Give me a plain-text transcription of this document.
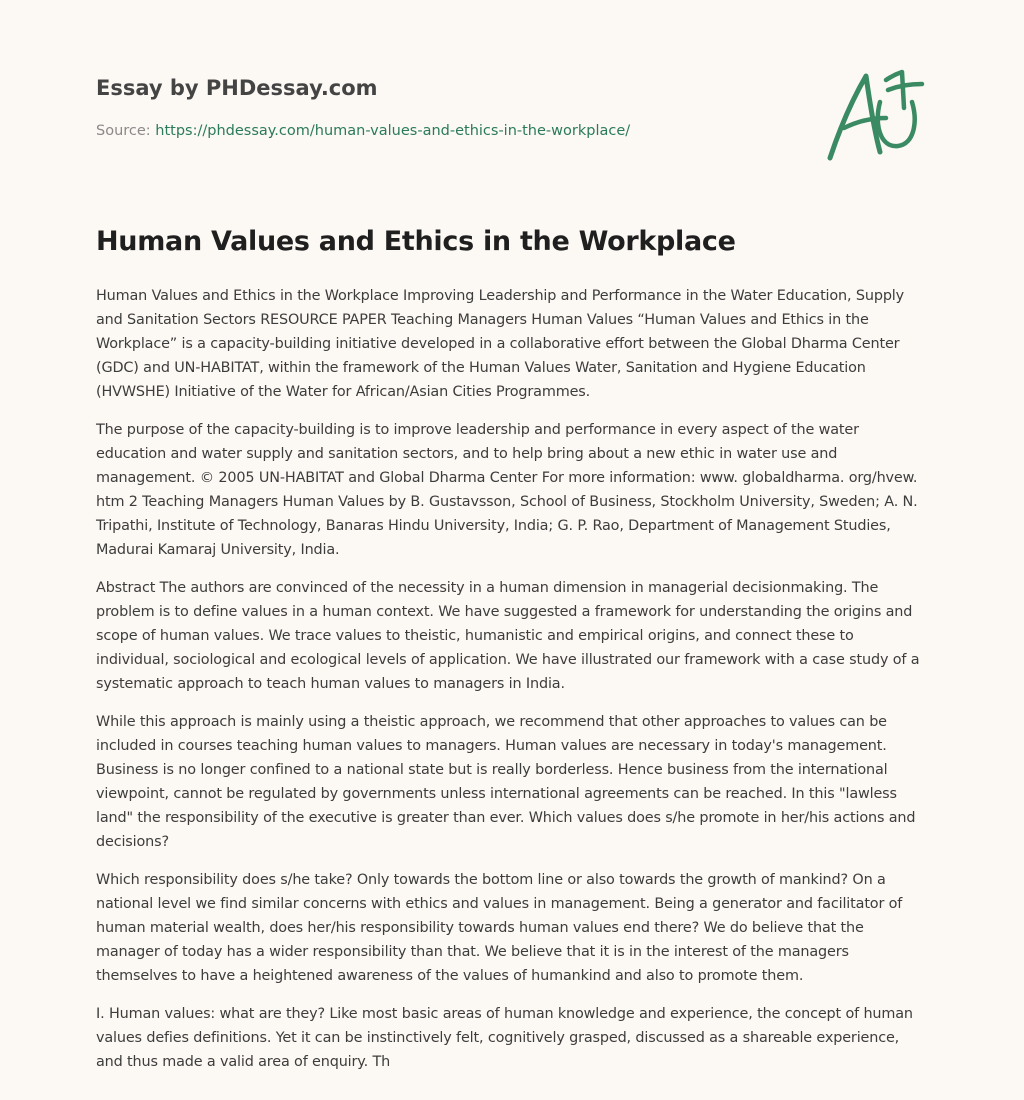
Essay by PHDessay.com
Source: https://phdessay.com/human-values-and-ethics-in-the-workplace/
Human Values and Ethics in the Workplace

Human Values and Ethics in the Workplace Improving Leadership and Performance in the Water Education, Supply and Sanitation Sectors RESOURCE PAPER Teaching Managers Human Values “Human Values and Ethics in the Workplace” is a capacity-building initiative developed in a collaborative effort between the Global Dharma Center (GDC) and UN-HABITAT, within the framework of the Human Values Water, Sanitation and Hygiene Education (HVWSHE) Initiative of the Water for African/Asian Cities Programmes.

The purpose of the capacity-building is to improve leadership and performance in every aspect of the water education and water supply and sanitation sectors, and to help bring about a new ethic in water use and management. © 2005 UN-HABITAT and Global Dharma Center For more information: www. globaldharma. org/hvew. htm 2 Teaching Managers Human Values by B. Gustavsson, School of Business, Stockholm University, Sweden; A. N. Tripathi, Institute of Technology, Banaras Hindu University, India; G. P. Rao, Department of Management Studies, Madurai Kamaraj University, India.

Abstract The authors are convinced of the necessity in a human dimension in managerial decisionmaking. The problem is to define values in a human context. We have suggested a framework for understanding the origins and scope of human values. We trace values to theistic, humanistic and empirical origins, and connect these to individual, sociological and ecological levels of application. We have illustrated our framework with a case study of a systematic approach to teach human values to managers in India.

While this approach is mainly using a theistic approach, we recommend that other approaches to values can be included in courses teaching human values to managers. Human values are necessary in today's management. Business is no longer confined to a national state but is really borderless. Hence business from the international viewpoint, cannot be regulated by governments unless international agreements can be reached. In this "lawless land" the responsibility of the executive is greater than ever. Which values does s/he promote in her/his actions and decisions?

Which responsibility does s/he take? Only towards the bottom line or also towards the growth of mankind? On a national level we find similar concerns with ethics and values in management. Being a generator and facilitator of human material wealth, does her/his responsibility towards human values end there? We do believe that the manager of today has a wider responsibility than that. We believe that it is in the interest of the managers themselves to have a heightened awareness of the values of humankind and also to promote them.

I. Human values: what are they? Like most basic areas of human knowledge and experience, the concept of human values defies definitions. Yet it can be instinctively felt, cognitively grasped, discussed as a shareable experience, and thus made a valid area of enquiry. Th
